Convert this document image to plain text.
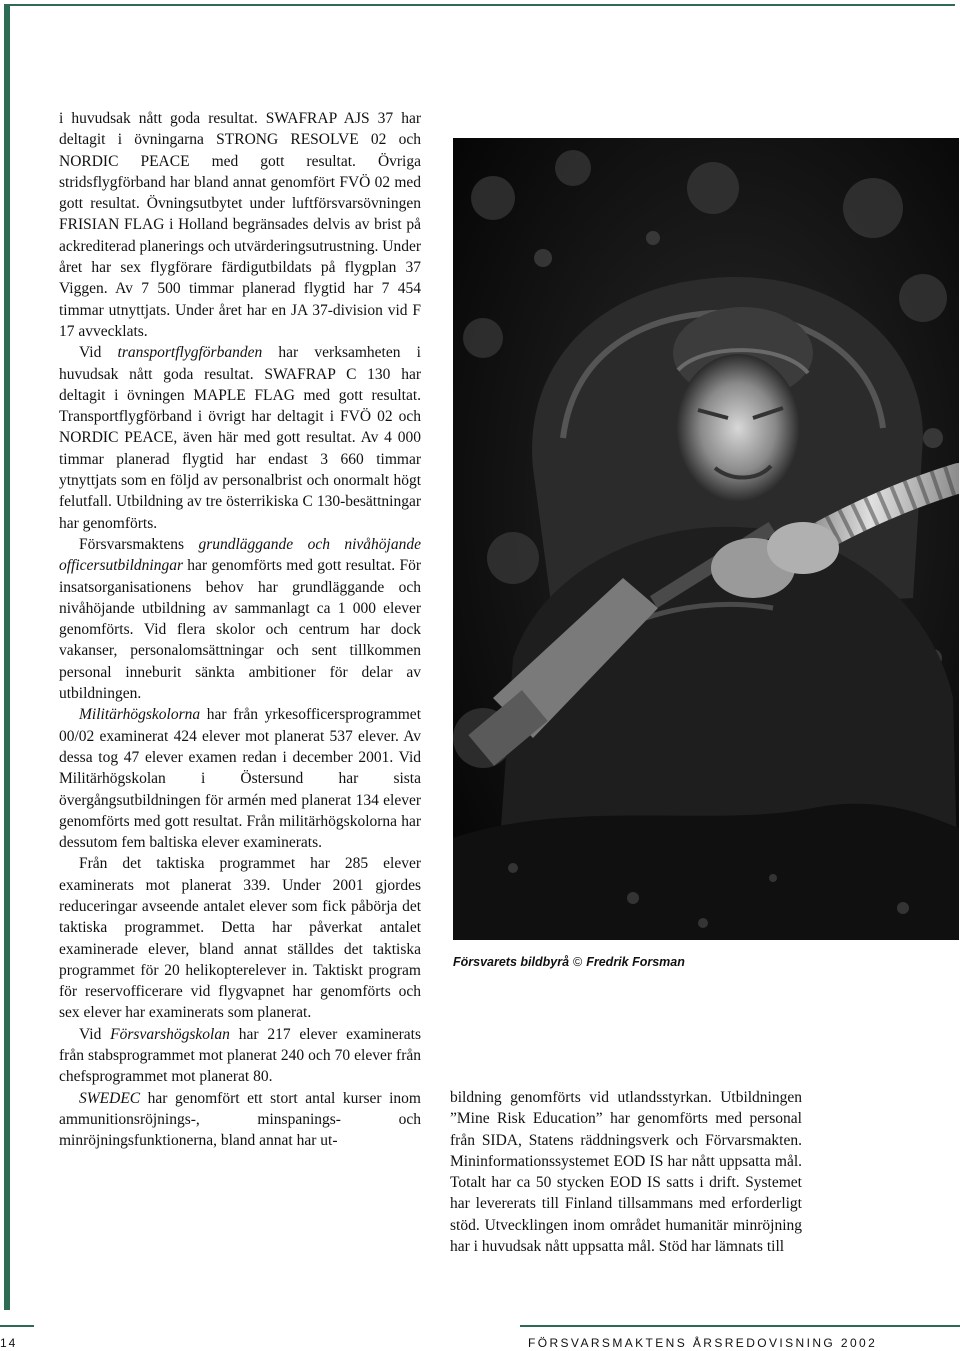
i huvudsak nått goda resultat. SWAFRAP AJS 37 har deltagit i övningarna STRONG RESOLVE 02 och NORDIC PEACE med gott resultat. Övriga stridsflygförband har bland annat genomfört FVÖ 02 med gott resultat. Övningsutbytet under luftförsvarsövningen FRISIAN FLAG i Holland begränsades delvis av brist på ackrediterad planerings och utvärderingsutrustning. Under året har sex flygförare färdigutbildats på flygplan 37 Viggen. Av 7 500 timmar planerad flygtid har 7 454 timmar utnyttjats. Under året har en JA 37-division vid F 17 avvecklats.

Vid transportflygförbanden har verksamheten i huvudsak nått goda resultat. SWAFRAP C 130 har deltagit i övningen MAPLE FLAG med gott resultat. Transportflygförband i övrigt har deltagit i FVÖ 02 och NORDIC PEACE, även här med gott resultat. Av 4 000 timmar planerad flygtid har endast 3 660 timmar ytnyttjats som en följd av personalbrist och onormalt högt felutfall. Utbildning av tre österrikiska C 130-besättningar har genomförts.

Försvarsmaktens grundläggande och nivåhöjande officersutbildningar har genomförts med gott resultat. För insatsorganisationens behov har grundläggande och nivåhöjande utbildning av sammanlagt ca 1 000 elever genomförts. Vid flera skolor och centrum har dock vakanser, personalomsättningar och sent tillkommen personal inneburit sänkta ambitioner för delar av utbildningen.

Militärhögskolorna har från yrkesofficersprogrammet 00/02 examinerat 424 elever mot planerat 537 elever. Av dessa tog 47 elever examen redan i december 2001. Vid Militärhögskolan i Östersund har sista övergångsutbildningen för armén med planerat 134 elever genomförts med gott resultat. Från militärhögskolorna har dessutom fem baltiska elever examinerats.

Från det taktiska programmet har 285 elever examinerats mot planerat 339. Under 2001 gjordes reduceringar avseende antalet elever som fick påbörja det taktiska programmet. Detta har påverkat antalet examinerade elever, bland annat ställdes det taktiska programmet för 20 helikopterelever in. Taktiskt program för reservofficerare vid flygvapnet har genomförts och sex elever har examinerats som planerat.

Vid Försvarshögskolan har 217 elever examinerats från stabsprogrammet mot planerat 240 och 70 elever från chefsprogrammet mot planerat 80.

SWEDEC har genomfört ett stort antal kurser inom ammunitionsröjnings-, minspanings- och minröjningsfunktionerna, bland annat har ut-

Försvarets bildbyrå © Fredrik Forsman

bildning genomförts vid utlandsstyrkan. Utbildningen ”Mine Risk Education” har genomförts med personal från SIDA, Statens räddningsverk och Förvarsmakten. Mininformationssystemet EOD IS har nått uppsatta mål. Totalt har ca 50 stycken EOD IS satts i drift. Systemet har levererats till Finland tillsammans med erforderligt stöd. Utvecklingen inom området humanitär minröjning har i huvudsak nått uppsatta mål. Stöd har lämnats till

14	FÖRSVARSMAKTENS ÅRSREDOVISNING 2002
